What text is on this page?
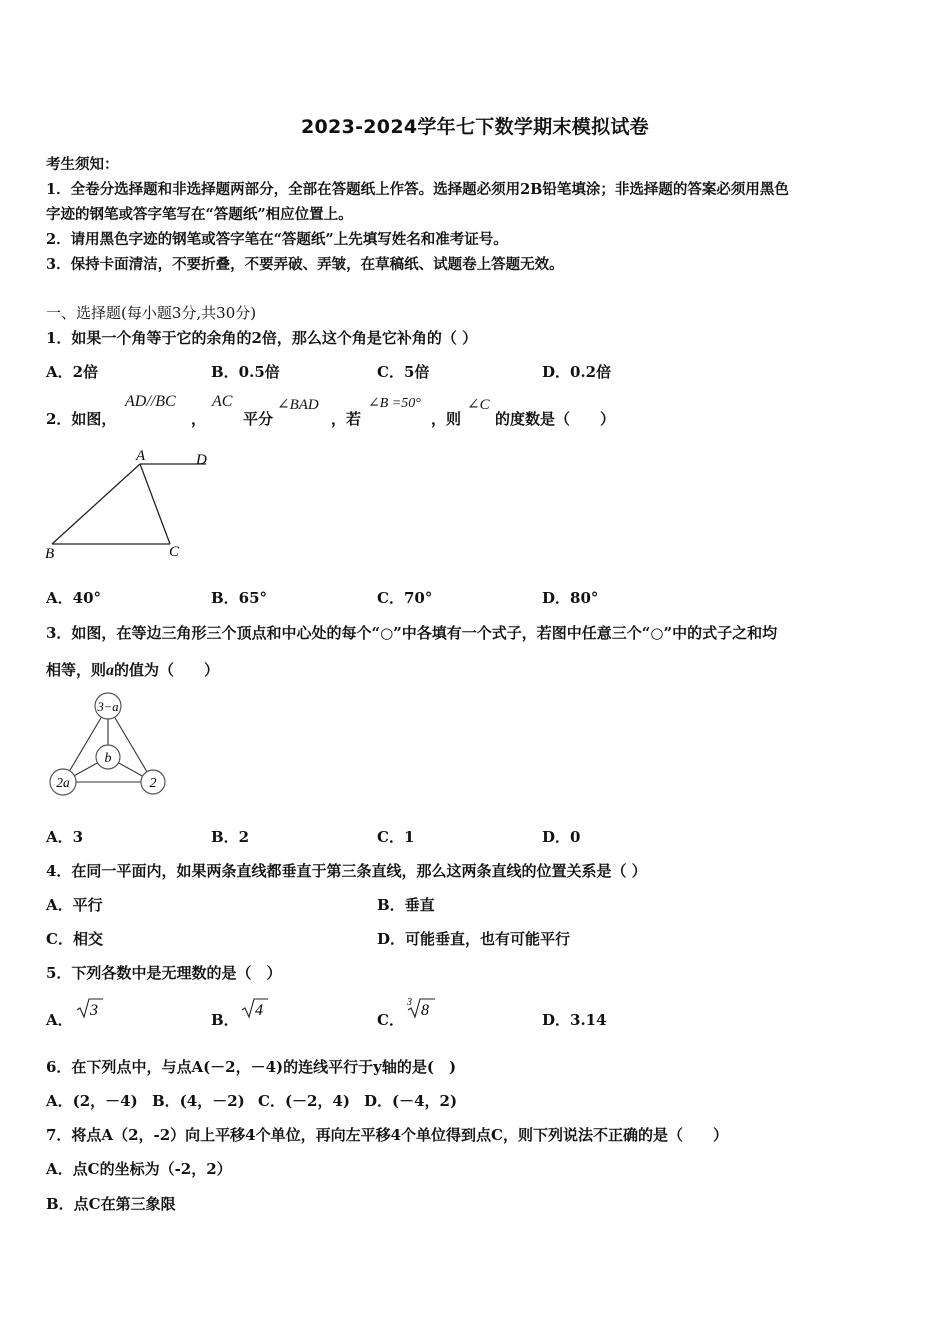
2023-2024学年七下数学期末模拟试卷
考生须知：
1．全卷分选择题和非选择题两部分，全部在答题纸上作答。选择题必须用2B铅笔填涂；非选择题的答案必须用黑色
字迹的钢笔或答字笔写在“答题纸”相应位置上。
2．请用黑色字迹的钢笔或答字笔在“答题纸”上先填写姓名和准考证号。
3．保持卡面清洁，不要折叠，不要弄破、弄皱，在草稿纸、试题卷上答题无效。
一、选择题(每小题3分,共30分)
1．如果一个角等于它的余角的2倍，那么这个角是它补角的（ ）
A．2倍	B．0.5倍	C．5倍	D．0.2倍
2．如图，
AD//BC
，
AC
平分
∠BAD
，若
∠B =50°
，则
∠C
的度数是（　　）
A	D
B	C
A．40°	B．65°	C．70°	D．80°
3．如图，在等边三角形三个顶点和中心处的每个“○”中各填有一个式子，若图中任意三个“○”中的式子之和均
相等，则a的值为（　　）
3−a
b
2a	2
A．3	B．2	C．1	D．0
4．在同一平面内，如果两条直线都垂直于第三条直线，那么这两条直线的位置关系是（ ）
A．平行	B．垂直
C．相交	D．可能垂直，也有可能平行
5．下列各数中是无理数的是（　）
A．
3
B．
4
C．
3 8
D．3.14
6．在下列点中，与点A(－2，－4)的连线平行于y轴的是(　)
A．(2，－4) B．(4，－2) C．(－2，4) D．(－4，2)
7．将点A（2，-2）向上平移4个单位，再向左平移4个单位得到点C，则下列说法不正确的是（　　）
A．点C的坐标为（-2，2）
B．点C在第三象限
